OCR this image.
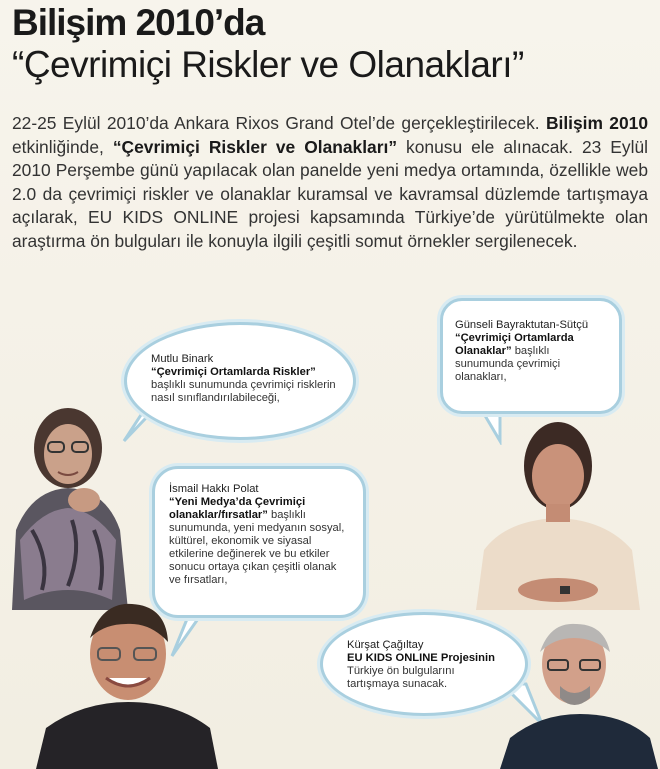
Bilişim 2010’da
“Çevrimiçi Riskler ve Olanakları”
22-25 Eylül 2010’da Ankara Rixos Grand Otel’de gerçekleştirilecek. Bilişim 2010 etkinliğinde, “Çevrimiçi Riskler ve Olanakları” konusu ele alınacak. 23 Eylül 2010 Perşembe günü yapılacak olan panelde yeni medya ortamında, özellikle web 2.0 da çevrimiçi riskler ve olanaklar kuramsal ve kavramsal düzlemde tartışmaya açılarak, EU KIDS ONLINE projesi kapsamında Türkiye’de yürütülmekte olan araştırma ön bulguları ile konuyla ilgili çeşitli somut örnekler sergilenecek.
Mutlu Binark
“Çevrimiçi Ortamlarda Riskler”
başlıklı sunumunda çevrimiçi risklerin nasıl sınıflandırılabileceği,
Günseli Bayraktutan-Sütçü
“Çevrimiçi Ortamlarda Olanaklar” başlıklı sunumunda çevrimiçi olanakları,
İsmail Hakkı Polat
“Yeni Medya’da Çevrimiçi olanaklar/fırsatlar” başlıklı sunumunda, yeni medyanın sosyal, kültürel, ekonomik ve siyasal etkilerine değinerek ve bu etkiler sonucu ortaya çıkan çeşitli olanak ve fırsatları,
Kürşat Çağıltay
EU KIDS ONLINE Projesinin
Türkiye ön bulgularını tartışmaya sunacak.
